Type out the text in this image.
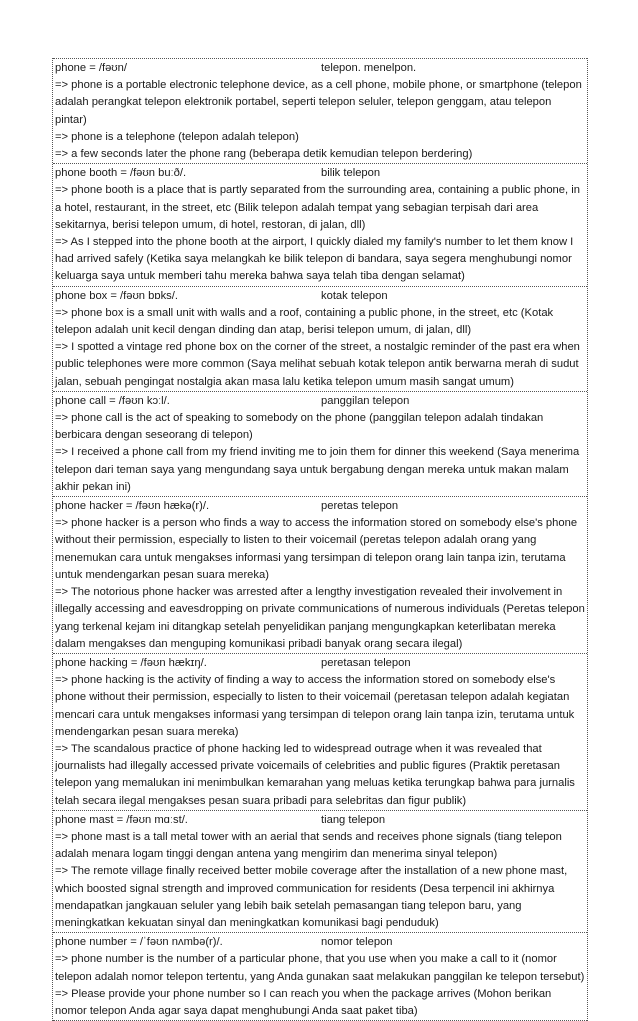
phone = /fəʊn/	telepon. menelpon.
=> phone is a portable electronic telephone device, as a cell phone, mobile phone, or smartphone (telepon adalah perangkat telepon elektronik portabel, seperti telepon seluler, telepon genggam, atau telepon pintar)
=> phone is a telephone (telepon adalah telepon)
=> a few seconds later the phone rang (beberapa detik kemudian telepon berdering)
phone booth = /fəʊn buːð/.	bilik telepon
=> phone booth is a place that is partly separated from the surrounding area, containing a public phone, in a hotel, restaurant, in the street, etc (Bilik telepon adalah tempat yang sebagian terpisah dari area sekitarnya, berisi telepon umum, di hotel, restoran, di jalan, dll)
=> As I stepped into the phone booth at the airport, I quickly dialed my family's number to let them know I had arrived safely (Ketika saya melangkah ke bilik telepon di bandara, saya segera menghubungi nomor keluarga saya untuk memberi tahu mereka bahwa saya telah tiba dengan selamat)
phone box = /fəʊn bɒks/.	kotak telepon
=> phone box is a small unit with walls and a roof, containing a public phone, in the street, etc (Kotak telepon adalah unit kecil dengan dinding dan atap, berisi telepon umum, di jalan, dll)
=> I spotted a vintage red phone box on the corner of the street, a nostalgic reminder of the past era when public telephones were more common (Saya melihat sebuah kotak telepon antik berwarna merah di sudut jalan, sebuah pengingat nostalgia akan masa lalu ketika telepon umum masih sangat umum)
phone call = /fəʊn kɔːl/.	panggilan telepon
=> phone call is the act of speaking to somebody on the phone (panggilan telepon adalah tindakan berbicara dengan seseorang di telepon)
=> I received a phone call from my friend inviting me to join them for dinner this weekend (Saya menerima telepon dari teman saya yang mengundang saya untuk bergabung dengan mereka untuk makan malam akhir pekan ini)
phone hacker = /fəʊn hækə(r)/.	peretas telepon
=> phone hacker is a person who finds a way to access the information stored on somebody else's phone without their permission, especially to listen to their voicemail (peretas telepon adalah orang yang menemukan cara untuk mengakses informasi yang tersimpan di telepon orang lain tanpa izin, terutama untuk mendengarkan pesan suara mereka)
=> The notorious phone hacker was arrested after a lengthy investigation revealed their involvement in illegally accessing and eavesdropping on private communications of numerous individuals (Peretas telepon yang terkenal kejam ini ditangkap setelah penyelidikan panjang mengungkapkan keterlibatan mereka dalam mengakses dan menguping komunikasi pribadi banyak orang secara ilegal)
phone hacking = /fəʊn hækɪŋ/.	peretasan telepon
=> phone hacking is the activity of finding a way to access the information stored on somebody else's phone without their permission, especially to listen to their voicemail (peretasan telepon adalah kegiatan mencari cara untuk mengakses informasi yang tersimpan di telepon orang lain tanpa izin, terutama untuk mendengarkan pesan suara mereka)
=> The scandalous practice of phone hacking led to widespread outrage when it was revealed that journalists had illegally accessed private voicemails of celebrities and public figures (Praktik peretasan telepon yang memalukan ini menimbulkan kemarahan yang meluas ketika terungkap bahwa para jurnalis telah secara ilegal mengakses pesan suara pribadi para selebritas dan figur publik)
phone mast = /fəʊn mɑːst/.	tiang telepon
=> phone mast is a tall metal tower with an aerial that sends and receives phone signals (tiang telepon adalah menara logam tinggi dengan antena yang mengirim dan menerima sinyal telepon)
=> The remote village finally received better mobile coverage after the installation of a new phone mast, which boosted signal strength and improved communication for residents (Desa terpencil ini akhirnya mendapatkan jangkauan seluler yang lebih baik setelah pemasangan tiang telepon baru, yang meningkatkan kekuatan sinyal dan meningkatkan komunikasi bagi penduduk)
phone number = /ˈfəʊn nʌmbə(r)/.	nomor telepon
=> phone number is the number of a particular phone, that you use when you make a call to it (nomor telepon adalah nomor telepon tertentu, yang Anda gunakan saat melakukan panggilan ke telepon tersebut)
=> Please provide your phone number so I can reach you when the package arrives (Mohon berikan nomor telepon Anda agar saya dapat menghubungi Anda saat paket tiba)
